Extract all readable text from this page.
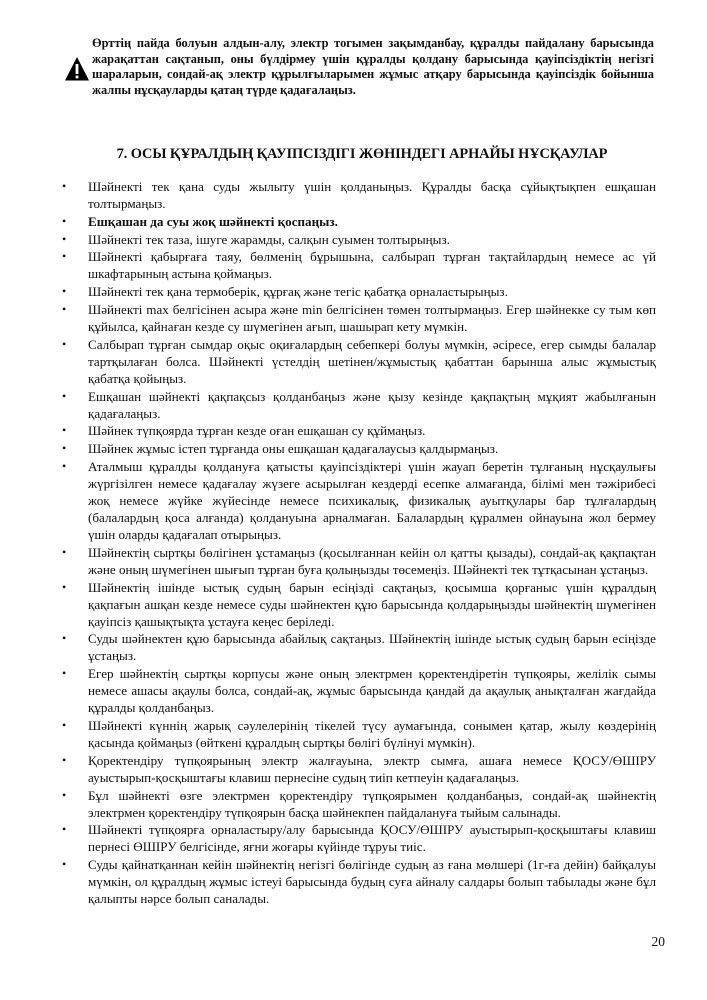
Өрттің пайда болуын алдын-алу, электр тогымен зақымданбау, құралды пайдалану барысында жарақаттан сақтанып, оны бүлдірмеу үшін құралды қолдану барысында қауіпсіздіктің негізгі шараларын, сондай-ақ электр құрылғыларымен жұмыс атқару барысында қауіпсіздік бойынша жалпы нұсқауларды қатаң түрде қадағалаңыз.
7. ОСЫ ҚҰРАЛДЫҢ ҚАУІПСІЗДІГІ ЖӨНІНДЕГІ АРНАЙЫ НҰСҚАУЛАР
•	Шәйнекті тек қана суды жылыту үшін қолданыңыз. Құралды басқа сұйықтықпен ешқашан толтырмаңыз.
•	Ешқашан да суы жоқ шәйнекті қоспаңыз.
•	Шәйнекті тек таза, ішуге жарамды, салқын суымен толтырыңыз.
•	Шәйнекті қабырғаға таяу, бөлменің бұрышына, салбырап тұрған тақтайлардың немесе ас үй шкафтарының астына қоймаңыз.
•	Шәйнекті тек қана термоберік, құрғақ және тегіс қабатқа орналастырыңыз.
•	Шәйнекті max белгісінен асыра және min белгісінен төмен толтырмаңыз. Егер шәйнекке су тым көп құйылса, қайнаған кезде су шүмегінен ағып, шашырап кету мүмкін.
•	Салбырап тұрған сымдар оқыс оқиғалардың себепкері болуы мүмкін, әсіресе, егер сымды балалар тартқылаған болса. Шәйнекті үстелдің шетінен/жұмыстық қабаттан барынша алыс жұмыстық қабатқа қойыңыз.
•	Ешқашан шәйнекті қақпақсыз қолданбаңыз және қызу кезінде қақпақтың мұқият жабылғанын қадағалаңыз.
•	Шәйнек түпқоярда тұрған кезде оған ешқашан су құймаңыз.
•	Шәйнек жұмыс істеп тұрғанда оны ешқашан қадағалаусыз қалдырмаңыз.
•	Аталмыш құралды қолдануға қатысты қауіпсіздіктері үшін жауап беретін тұлғаның нұсқаулығы жүргізілген немесе қадағалау жүзеге асырылған кездерді есепке алмағанда, білімі мен тәжірибесі жоқ немесе жүйке жүйесінде немесе психикалық, физикалық ауытқулары бар тұлғалардың (балалардың қоса алғанда) қолдануына арналмаған. Балалардың құралмен ойнауына жол бермеу үшін оларды қадағалап отырыңыз.
•	Шәйнектің сыртқы бөлігінен ұстамаңыз (қосылғаннан кейін ол қатты қызады), сондай-ақ қақпақтан және оның шүмегінен шығып тұрған буға қолыңызды төсемеңіз. Шәйнекті тек тұтқасынан ұстаңыз.
•	Шәйнектің ішінде ыстық судың барын есіңізді сақтаңыз, қосымша қорғаныс үшін құралдың қақпағын ашқан кезде немесе суды шәйнектен құю барысында қолдарыңызды шәйнектің шүмегінен қауіпсіз қашықтықта ұстауға кеңес беріледі.
•	Суды шәйнектен құю барысында абайлық сақтаңыз. Шәйнектің ішінде ыстық судың барын есіңізде ұстаңыз.
•	Егер шәйнектің сыртқы корпусы және оның электрмен қоректендіретін түпқояры, желілік сымы немесе ашасы ақаулы болса, сондай-ақ, жұмыс барысында қандай да ақаулық анықталған жағдайда құралды қолданбаңыз.
•	Шәйнекті күннің жарық сәулелерінің тікелей түсу аумағында, сонымен қатар, жылу көздерінің қасында қоймаңыз (өйткені құралдың сыртқы бөлігі бүлінуі мүмкін).
•	Қоректендіру түпқоярының электр жалғауына, электр сымға, ашаға немесе ҚОСУ/ӨШІРУ ауыстырып-қосқыштағы клавиш пернесіне судың тиіп кетпеуін қадағалаңыз.
•	Бұл шәйнекті өзге электрмен қоректендіру түпқоярымен қолданбаңыз, сондай-ақ шәйнектің электрмен қоректендіру түпқоярын басқа шәйнекпен пайдалануға тыйым салынады.
•	Шәйнекті түпқоярға орналастыру/алу барысында ҚОСУ/ӨШІРУ ауыстырып-қосқыштағы клавиш пернесі ӨШІРУ белгісінде, яғни жоғары күйінде тұруы тиіс.
•	Суды қайнатқаннан кейін шәйнектің негізгі бөлігінде судың аз ғана мөлшері (1г-ға дейін) байқалуы мүмкін, ол құралдың жұмыс істеуі барысында будың суға айналу салдары болып табылады және бұл қалыпты нәрсе болып саналады.
20
